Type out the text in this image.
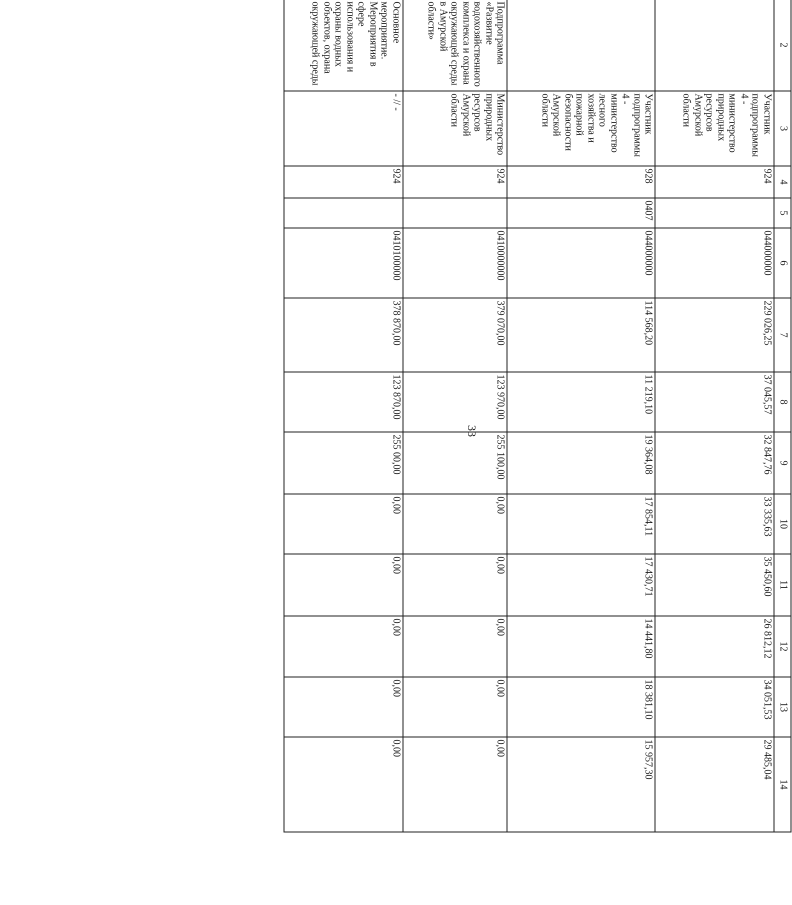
33
	2	3	4	5	6	7	8	9	10	11	12	13	14
		Участник подпрограммы 4 - министерство природных ресурсов Амурской области	924		044000000	229 026,25	37 045,57	32 847,76	33 335,63	35 450,60	26 812,12	34 051,53	29 485,04
		Участник подпрограммы 4 - министерство лесного хозяйства и пожарной безопасности Амурской области	928	0407	044000000	114 568,20	11 219,10	19 364,08	17 854,11	17 430,71	14 441,80	18 381,10	15 957,30
	Подпрограмма «Развитие водохозяйственного комплекса и охрана окружающей среды в Амурской области»	Министерство природных ресурсов Амурской области	924		0410000000	379 070,00	123 970,00	255 100,00	0,00	0,00	0,00	0,00	0,00
	Основное мероприятие. Мероприятия в сфере использования и охраны водных объектов, охрана окружающей среды	- // -	924		0410100000	378 870,00	123 870,00	255 00,00	0,00	0,00	0,00	0,00	0,00
